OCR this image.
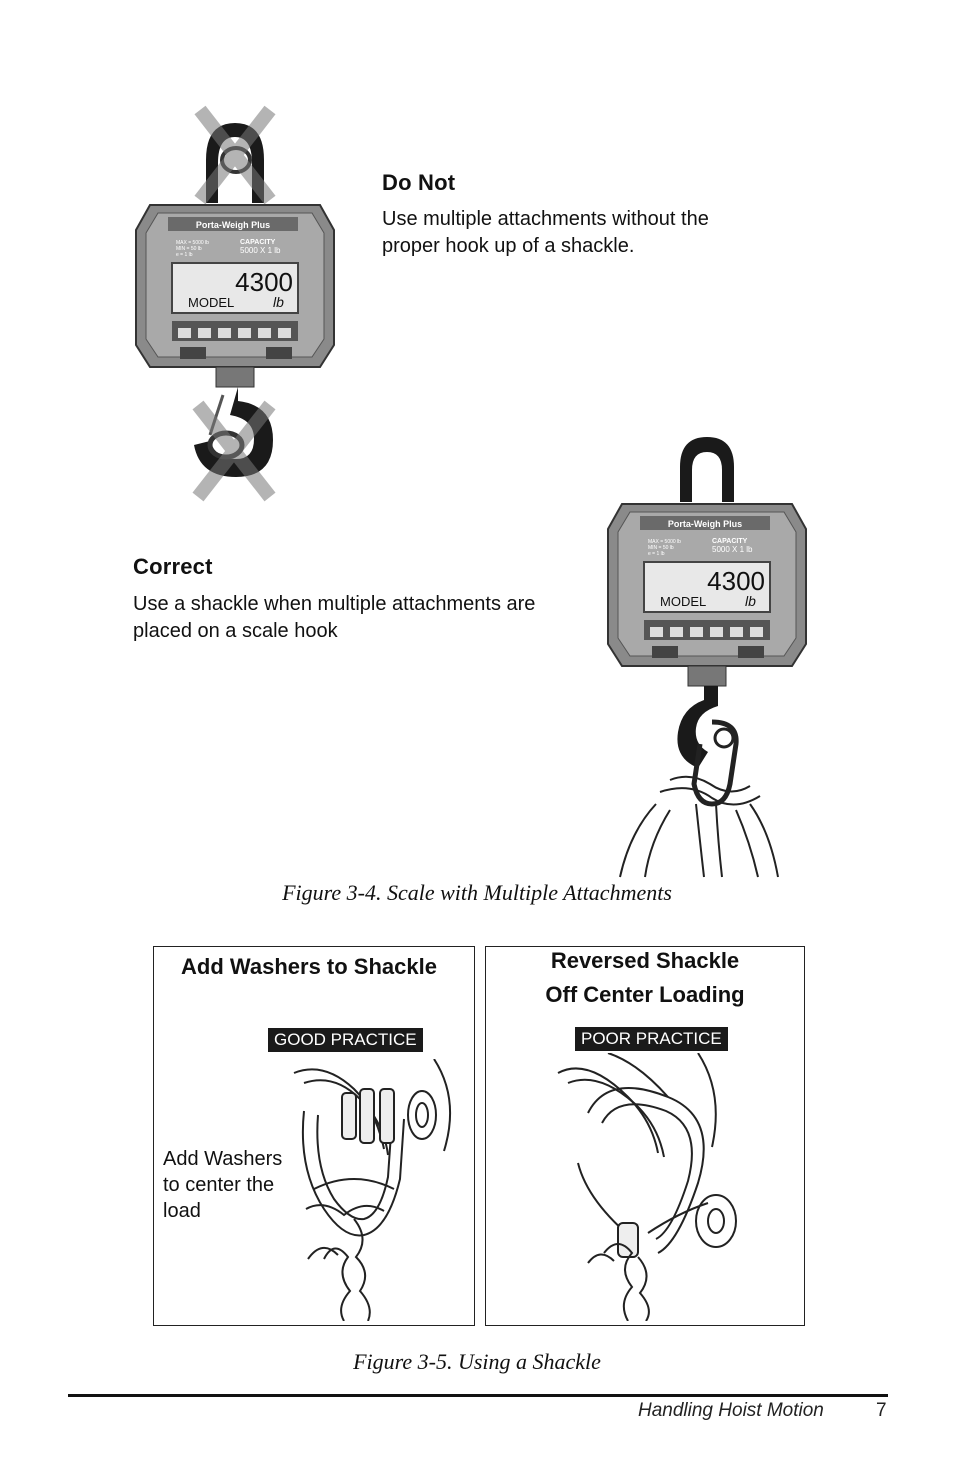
Porta-Weigh Plus
MAX = 5000 lb
MIN = 50 lb
e = 1 lb
CAPACITY
5000 X 1 lb
4300
MODEL	lb
Do Not
Use multiple attachments without the
proper hook up of a shackle.
Correct
Use a shackle when multiple attachments are
placed on a scale hook
Porta-Weigh Plus
MAX = 5000 lb
MIN = 50 lb
e = 1 lb
CAPACITY
5000 X 1 lb
4300
MODEL	lb
Figure 3-4. Scale with Multiple Attachments
Add Washers to Shackle
GOOD PRACTICE
Add Washers
to center the
load
Reversed Shackle
Off Center Loading
POOR PRACTICE
Figure 3-5. Using a Shackle
Handling Hoist Motion	7
